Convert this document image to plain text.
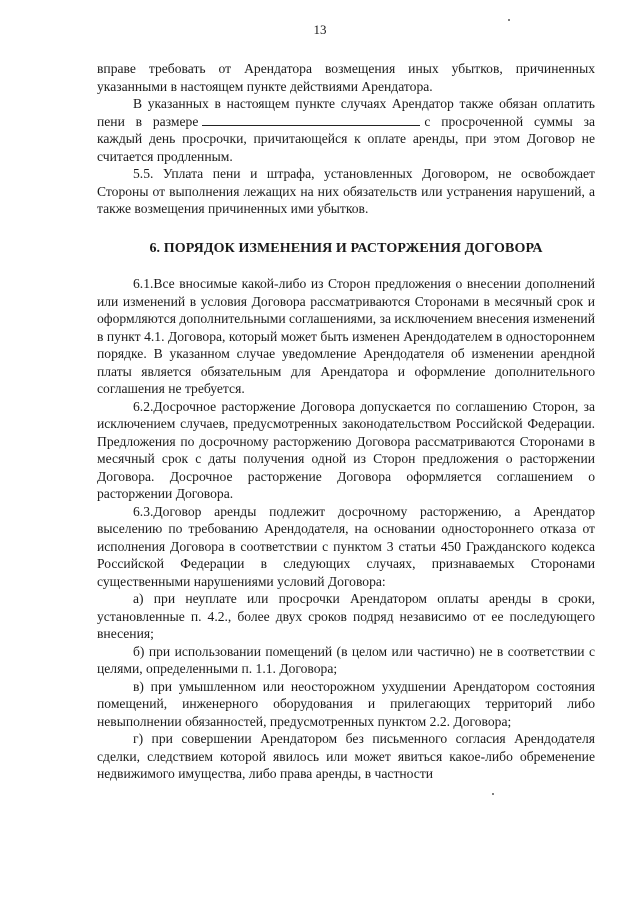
13

вправе требовать от Арендатора возмещения иных убытков, причиненных указанными в настоящем пункте действиями Арендатора.

В указанных в настоящем пункте случаях Арендатор также обязан оплатить пени в размере	с просроченной суммы за каждый день просрочки, причитающейся к оплате аренды, при этом Договор не считается продленным.

5.5. Уплата пени и штрафа, установленных Договором, не освобождает Стороны от выполнения лежащих на них обязательств или устранения нарушений, а также возмещения причиненных ими убытков.

6. ПОРЯДОК ИЗМЕНЕНИЯ И РАСТОРЖЕНИЯ ДОГОВОРА

6.1.Все вносимые какой-либо из Сторон предложения о внесении дополнений или изменений в условия Договора рассматриваются Сторонами в месячный срок и оформляются дополнительными соглашениями, за исключением внесения изменений в пункт 4.1. Договора, который может быть изменен Арендодателем в одностороннем порядке. В указанном случае уведомление Арендодателя об изменении арендной платы является обязательным для Арендатора и оформление дополнительного соглашения не требуется.

6.2.Досрочное расторжение Договора допускается по соглашению Сторон, за исключением случаев, предусмотренных законодательством Российской Федерации. Предложения по досрочному расторжению Договора рассматриваются Сторонами в месячный срок с даты получения одной из Сторон предложения о расторжении Договора. Досрочное расторжение Договора оформляется соглашением о расторжении Договора.

6.3.Договор аренды подлежит досрочному расторжению, а Арендатор выселению по требованию Арендодателя, на основании одностороннего отказа от исполнения Договора в соответствии с пунктом 3 статьи 450 Гражданского кодекса Российской Федерации в следующих случаях, признаваемых Сторонами существенными нарушениями условий Договора:

а) при неуплате или просрочки Арендатором оплаты аренды в сроки, установленные п. 4.2., более двух сроков подряд независимо от ее последующего внесения;

б) при использовании помещений (в целом или частично) не в соответствии с целями, определенными п. 1.1. Договора;

в) при умышленном или неосторожном ухудшении Арендатором состояния помещений, инженерного оборудования и прилегающих территорий либо невыполнении обязанностей, предусмотренных пунктом 2.2. Договора;

г) при совершении Арендатором без письменного согласия Арендодателя сделки, следствием которой явилось или может явиться какое-либо обременение недвижимого имущества, либо права аренды, в частности
